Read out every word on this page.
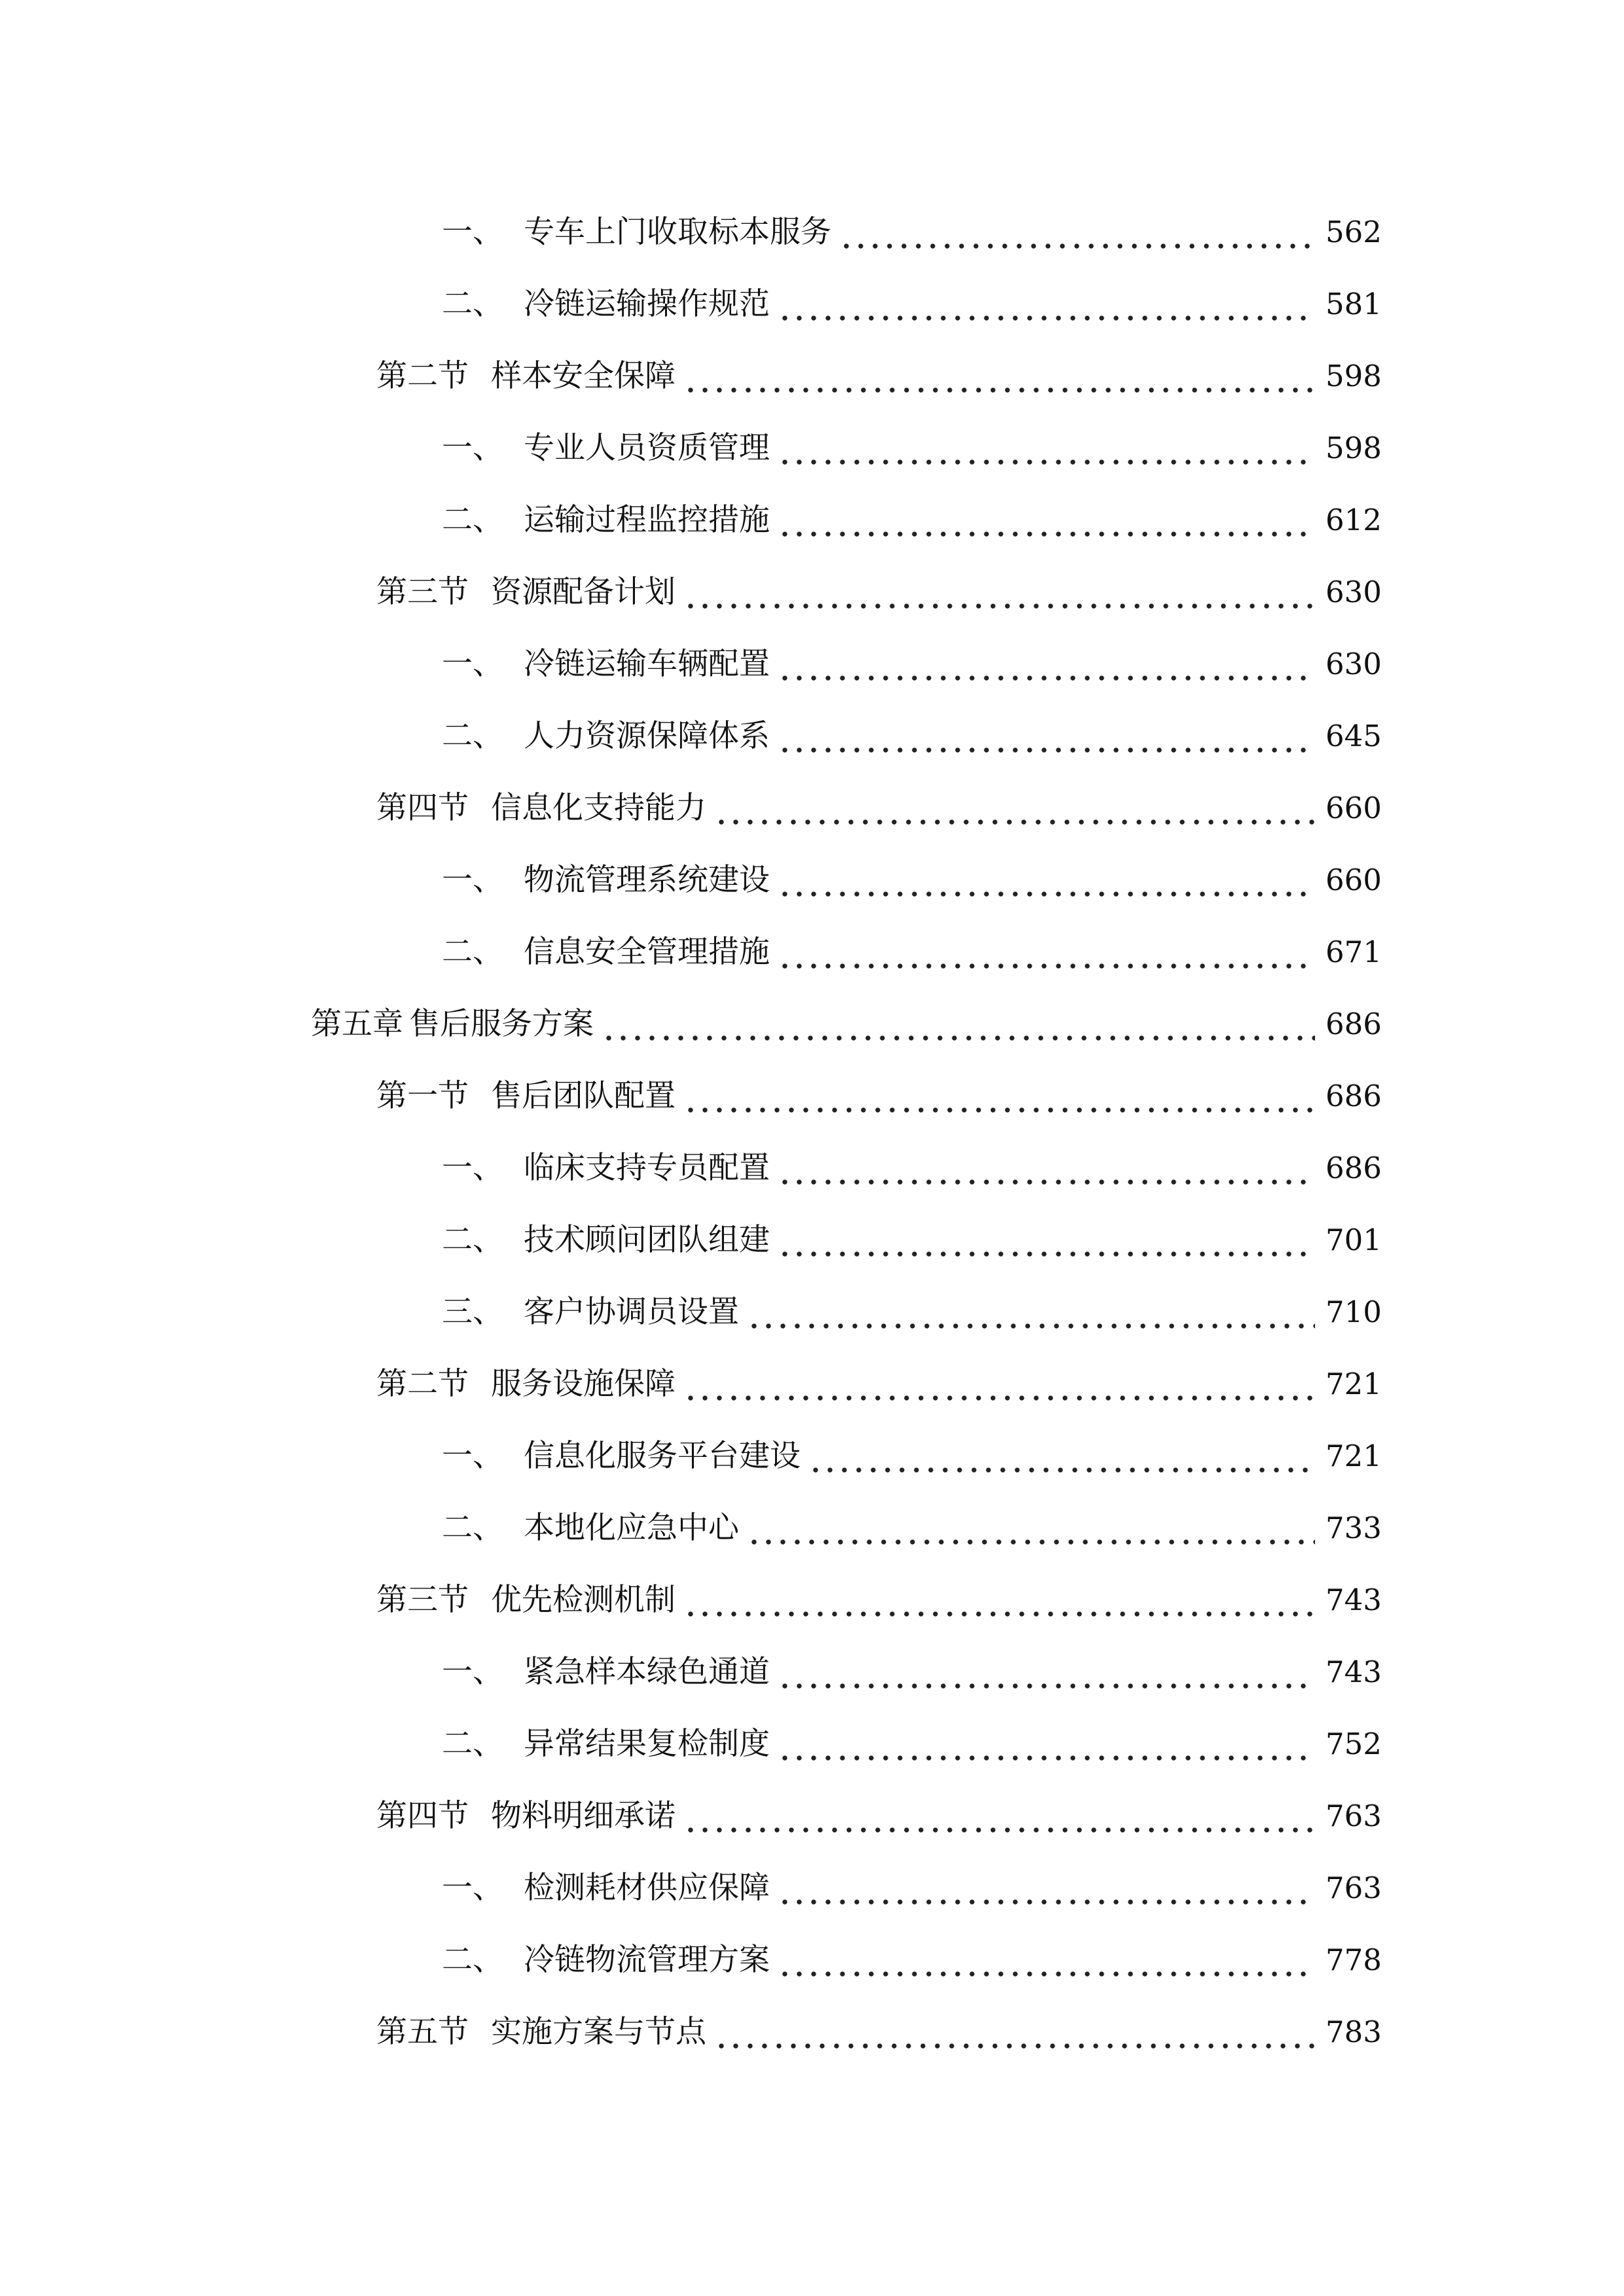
一、 专车上门收取标本服务	562
二、 冷链运输操作规范	581
第二节 样本安全保障	598
一、 专业人员资质管理	598
二、 运输过程监控措施	612
第三节 资源配备计划	630
一、 冷链运输车辆配置	630
二、 人力资源保障体系	645
第四节 信息化支持能力	660
一、 物流管理系统建设	660
二、 信息安全管理措施	671
第五章 售后服务方案	686
第一节 售后团队配置	686
一、 临床支持专员配置	686
二、 技术顾问团队组建	701
三、 客户协调员设置	710
第二节 服务设施保障	721
一、 信息化服务平台建设	721
二、 本地化应急中心	733
第三节 优先检测机制	743
一、 紧急样本绿色通道	743
二、 异常结果复检制度	752
第四节 物料明细承诺	763
一、 检测耗材供应保障	763
二、 冷链物流管理方案	778
第五节 实施方案与节点	783
